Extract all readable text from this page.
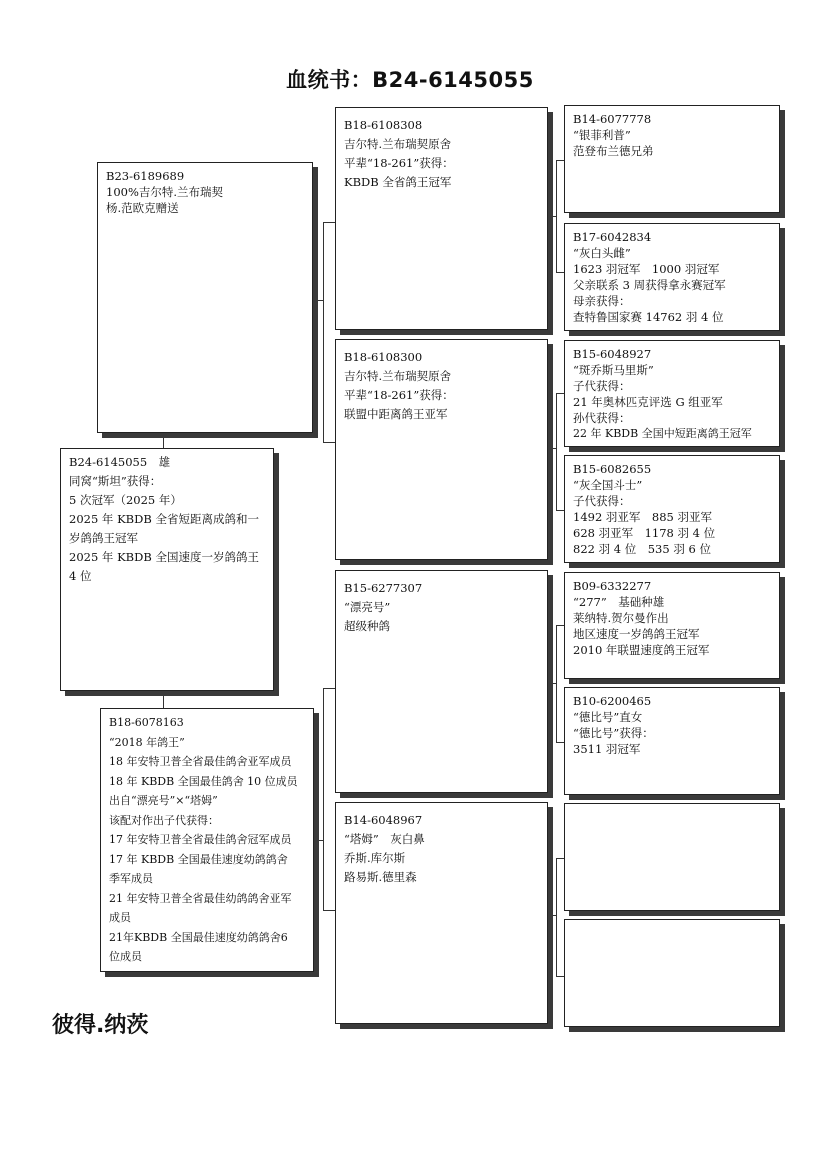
血统书：B24-6145055
B23-6189689
100%吉尔特.兰布瑞契
杨.范欧克赠送
B24-6145055　雄
同窝“斯坦”获得：
5 次冠军（2025 年）
2025 年 KBDB 全省短距离成鸽和一
岁鸽鸽王冠军
2025 年 KBDB 全国速度一岁鸽鸽王
4 位
B18-6078163
“2018 年鸽王”
18 年安特卫普全省最佳鸽舍亚军成员
18 年 KBDB 全国最佳鸽舍 10 位成员
出自“漂亮号”×“塔姆”
该配对作出子代获得：
17 年安特卫普全省最佳鸽舍冠军成员
17 年 KBDB 全国最佳速度幼鸽鸽舍
季军成员
21 年安特卫普全省最佳幼鸽鸽舍亚军
成员
21年KBDB 全国最佳速度幼鸽鸽舍6
位成员
B18-6108308
吉尔特.兰布瑞契原舍
平辈“18-261”获得：
KBDB 全省鸽王冠军
B18-6108300
吉尔特.兰布瑞契原舍
平辈“18-261”获得：
联盟中距离鸽王亚军
B15-6277307
“漂亮号”
超级种鸽
B14-6048967
“塔姆”　灰白鼻
乔斯.库尔斯
路易斯.德里森
B14-6077778
“银菲利普”
范登布兰德兄弟
B17-6042834
“灰白头雌”
1623 羽冠军　1000 羽冠军
父亲联系 3 周获得拿永赛冠军
母亲获得：
查特鲁国家赛 14762 羽 4 位
B15-6048927
“斑乔斯马里斯”
子代获得：
21 年奥林匹克评选 G 组亚军
孙代获得：
22 年 KBDB 全国中短距离鸽王冠军
B15-6082655
“灰全国斗士”
子代获得：
1492 羽亚军　885 羽亚军
628 羽亚军　1178 羽 4 位
822 羽 4 位　535 羽 6 位
B09-6332277
“277”　基础种雄
莱纳特.贺尔曼作出
地区速度一岁鸽鸽王冠军
2010 年联盟速度鸽王冠军
B10-6200465
“德比号”直女
“德比号”获得：
3511 羽冠军
彼得.纳茨
